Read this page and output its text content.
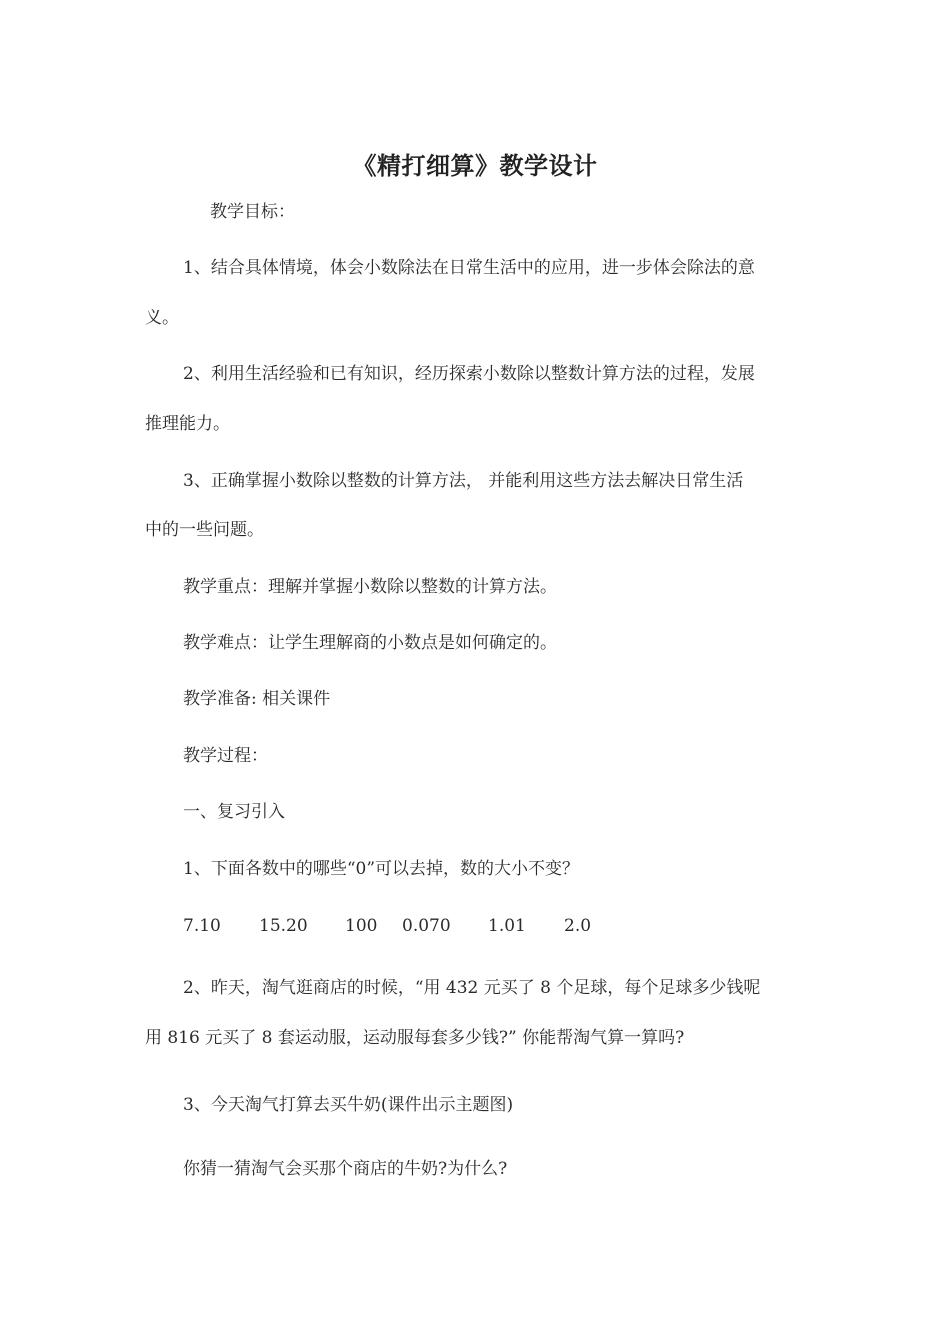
《精打细算》教学设计
教学目标：
1、结合具体情境，体会小数除法在日常生活中的应用，进一步体会除法的意
义。
2、利用生活经验和已有知识，经历探索小数除以整数计算方法的过程，发展
推理能力。
3、正确掌握小数除以整数的计算方法， 并能利用这些方法去解决日常生活
中的一些问题。
教学重点：理解并掌握小数除以整数的计算方法。
教学难点：让学生理解商的小数点是如何确定的。
教学准备: 相关课件
教学过程：
一、复习引入
1、下面各数中的哪些“0”可以去掉，数的大小不变？
7.10 15.20 100 0.070 1.01 2.0
2、昨天，淘气逛商店的时候，“用 432 元买了 8 个足球，每个足球多少钱呢
用 816 元买了 8 套运动服，运动服每套多少钱?” 你能帮淘气算一算吗?
3、今天淘气打算去买牛奶(课件出示主题图)
你猜一猜淘气会买那个商店的牛奶?为什么?
